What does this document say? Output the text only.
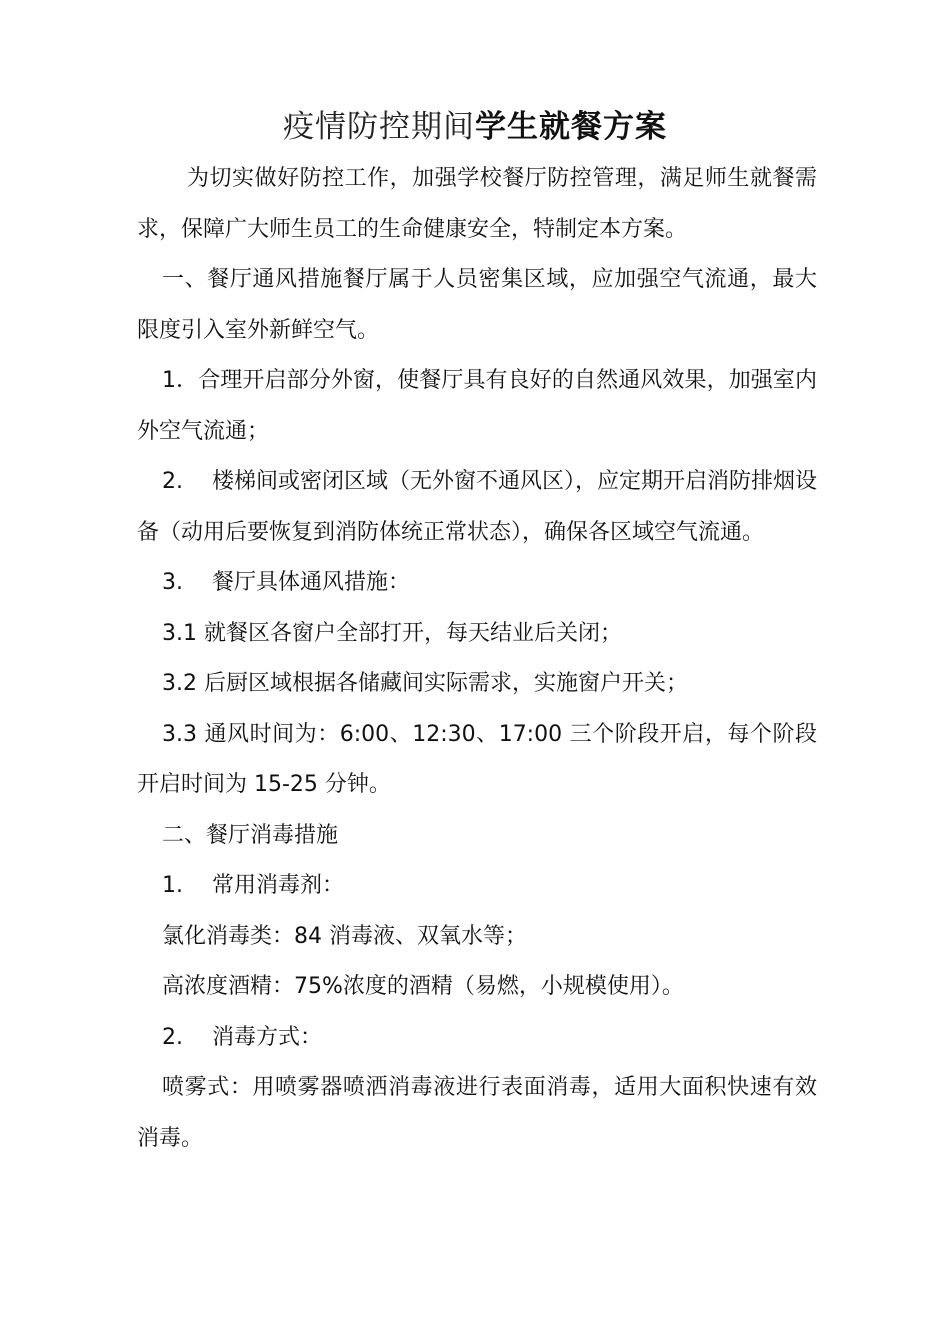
疫情防控期间学生就餐方案

为切实做好防控工作，加强学校餐厅防控管理，满足师生就餐需求，保障广大师生员工的生命健康安全，特制定本方案。

一、餐厅通风措施餐厅属于人员密集区域，应加强空气流通，最大限度引入室外新鲜空气。

1．合理开启部分外窗，使餐厅具有良好的自然通风效果，加强室内外空气流通；

2. 楼梯间或密闭区域（无外窗不通风区），应定期开启消防排烟设备（动用后要恢复到消防体统正常状态），确保各区域空气流通。

3. 餐厅具体通风措施：

3.1 就餐区各窗户全部打开，每天结业后关闭；

3.2 后厨区域根据各储藏间实际需求，实施窗户开关；

3.3 通风时间为：6:00、12:30、17:00 三个阶段开启，每个阶段开启时间为 15-25 分钟。

二、餐厅消毒措施

1. 常用消毒剂：

氯化消毒类：84 消毒液、双氧水等；

高浓度酒精：75%浓度的酒精（易燃，小规模使用）。

2. 消毒方式：

喷雾式：用喷雾器喷洒消毒液进行表面消毒，适用大面积快速有效消毒。
